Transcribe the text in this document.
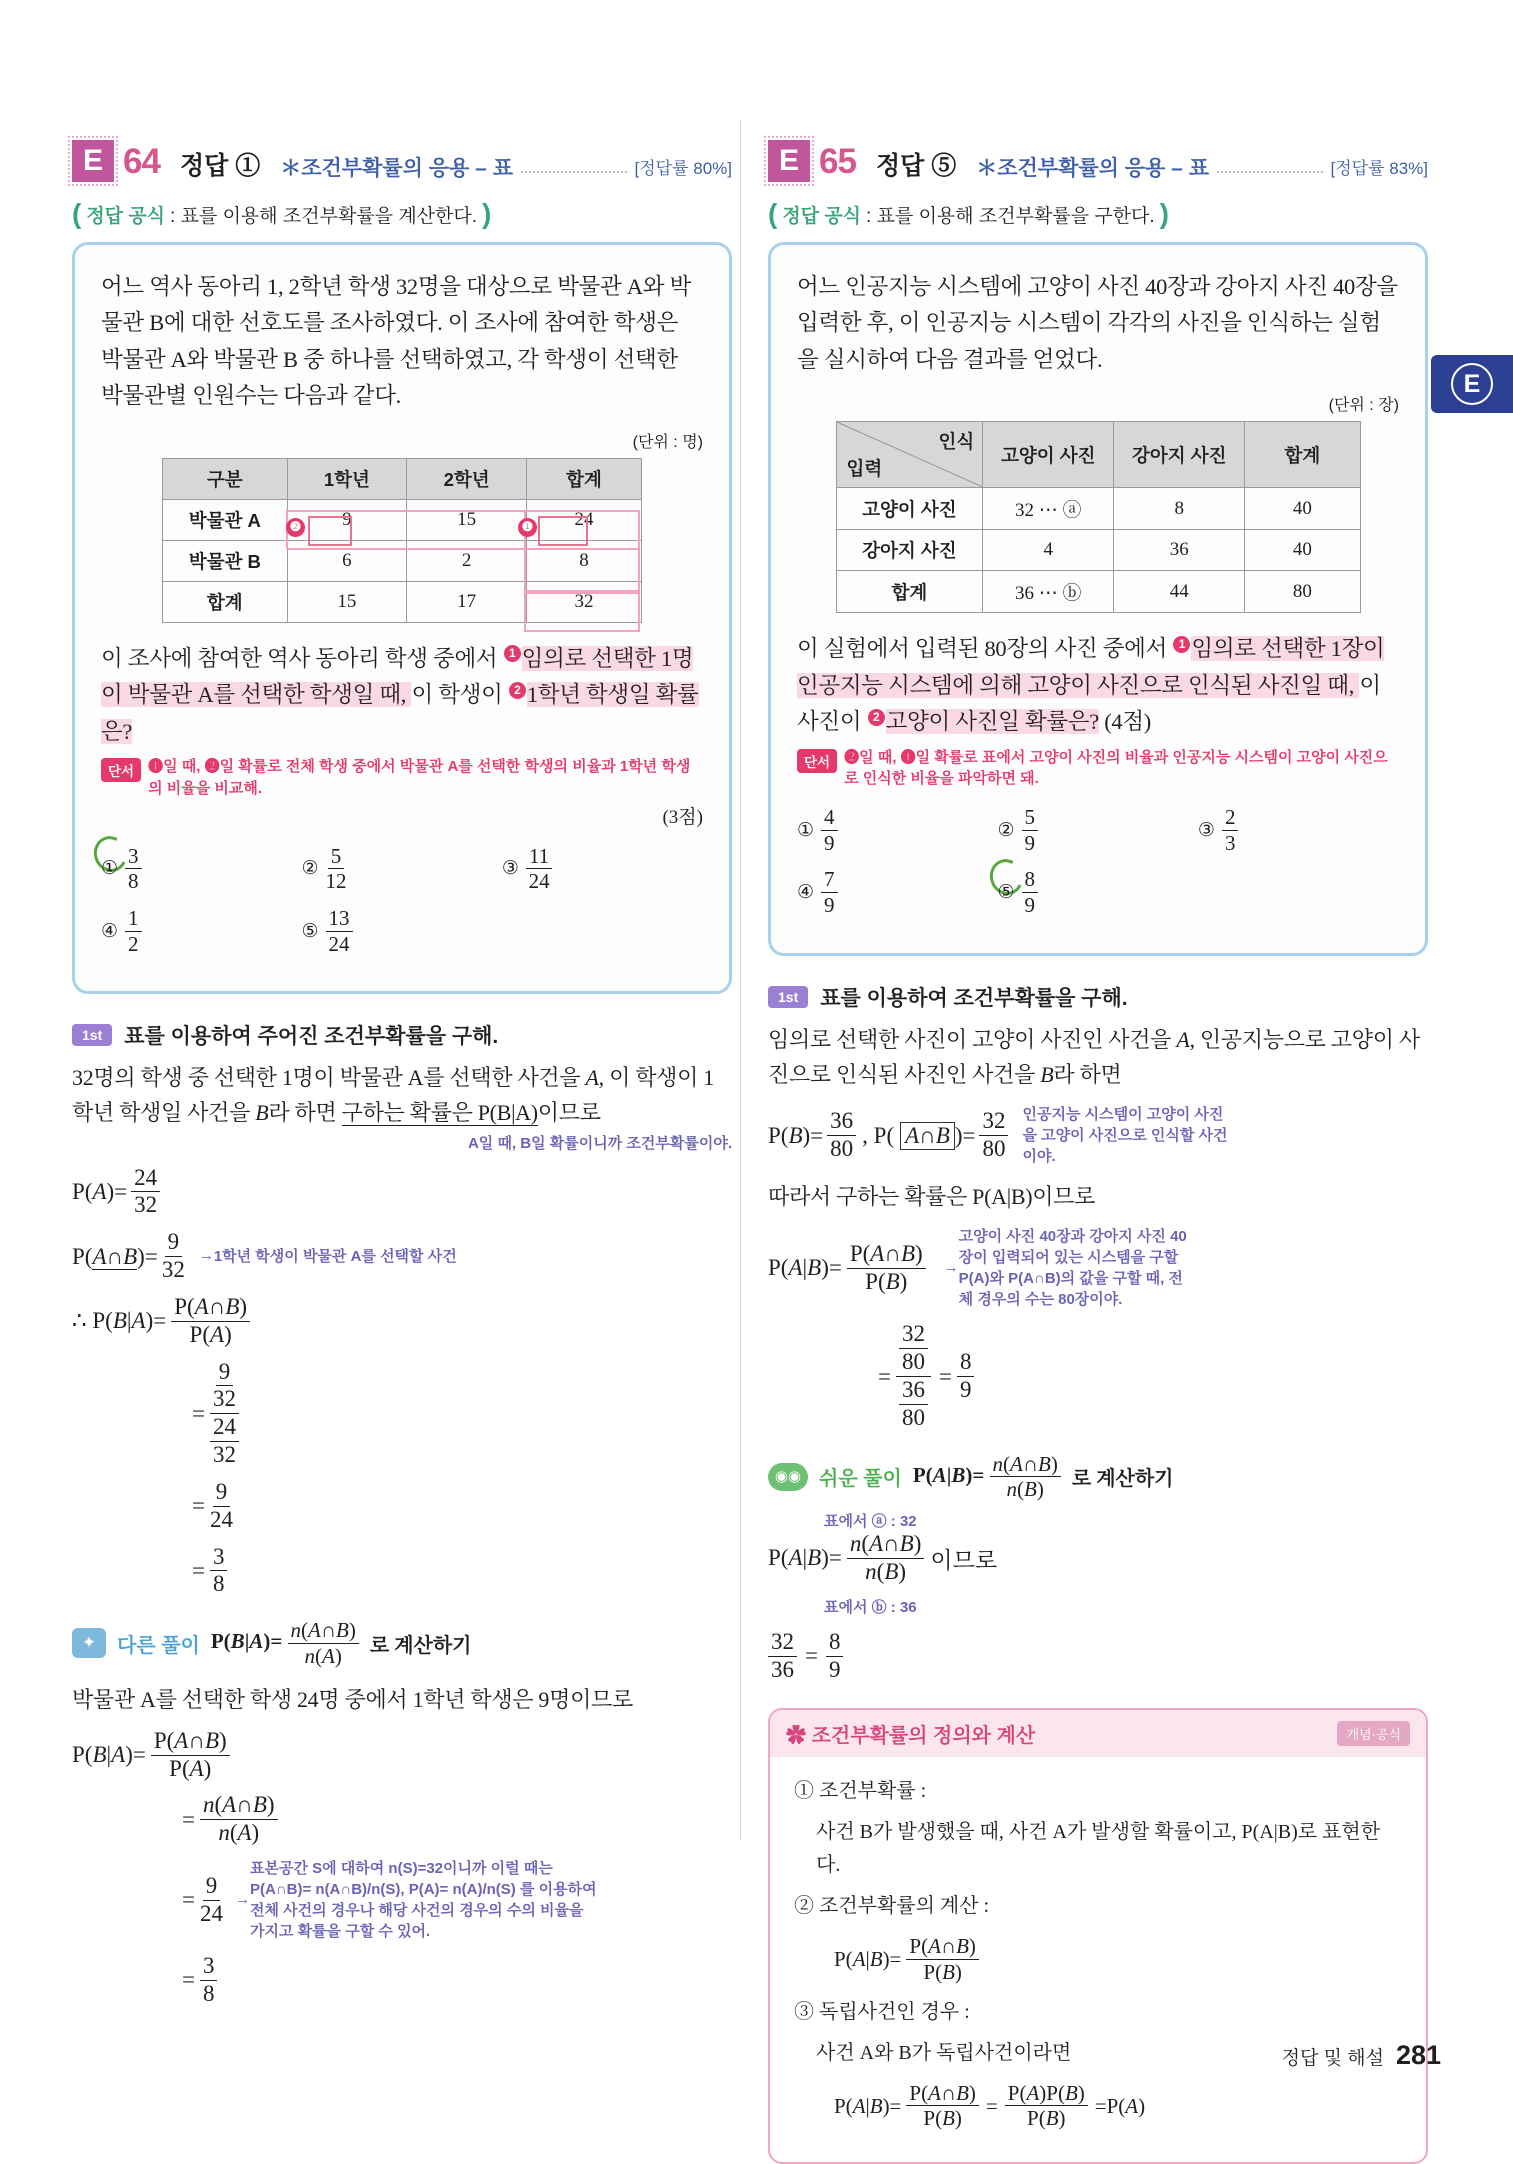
E
E 64 정답 ① ＊조건부확률의 응용 – 표	[정답률 80%]
( 정답 공식 : 표를 이용해 조건부확률을 계산한다. )
어느 역사 동아리 1, 2학년 학생 32명을 대상으로 박물관 A와 박물관 B에 대한 선호도를 조사하였다. 이 조사에 참여한 학생은 박물관 A와 박물관 B 중 하나를 선택하였고, 각 학생이 선택한 박물관별 인원수는 다음과 같다.
(단위 : 명)
구분	1학년	2학년	합계
박물관 A	9	15	24
박물관 B	6	2	8
합계	15	17	32
❷	❶
이 조사에 참여한 역사 동아리 학생 중에서 1 임의로 선택한 1명이 박물관 A를 선택한 학생일 때, 이 학생이 2 1학년 학생일 확률은?
단서 ❶일 때, ❷일 확률로 전체 학생 중에서 박물관 A를 선택한 학생의 비율과 1학년 학생의 비율을 비교해.
(3점)
① $\frac{3}{8}$	② $\frac{5}{12}$	③ $\frac{11}{24}$
④ $\frac{1}{2}$	⑤ $\frac{13}{24}$
1st	표를 이용하여 주어진 조건부확률을 구해.
32명의 학생 중 선택한 1명이 박물관 A를 선택한 사건을 A, 이 학생이 1학년 학생일 사건을 B라 하면 구하는 확률은 P(B|A)이므로
A일 때, B일 확률이니까 조건부확률이야.
$P(A)= \frac{24}{32}$
P(A∩B)= $\frac{9}{32} \to 1$학년 학생이 박물관 A를 선택할 사건
∴ $P(B|A)= \frac{P(A\cap B)}{P(A)}$
= $\frac{\frac{9}{32}}{\frac{24}{32}}$
= $\frac{9}{24}$
= $\frac{3}{8}$
✦	다른 풀이 $P(B|A)= \frac{n(A\cap B)}{n(A)}$ 로 계산하기
박물관 A를 선택한 학생 24명 중에서 1학년 학생은 9명이므로
$P(B|A)= \frac{P(A\cap B)}{P(A)}$
= $\frac{n(A\cap B)}{n(A)}$
= $\frac{9}{24}$ →
표본공간 S에 대하여 n(S)=32이니까 이럴 때는 P(A∩B)= n(A∩B)/n(S), P(A)= n(A)/n(S) 를 이용하여 전체 사건의 경우나 해당 사건의 경우의 수의 비율을 가지고 확률을 구할 수 있어.
= $\frac{3}{8}$
E 65 정답 ⑤ ＊조건부확률의 응용 – 표	[정답률 83%]
( 정답 공식 : 표를 이용해 조건부확률을 구한다. )
어느 인공지능 시스템에 고양이 사진 40장과 강아지 사진 40장을 입력한 후, 이 인공지능 시스템이 각각의 사진을 인식하는 실험을 실시하여 다음 결과를 얻었다.
(단위 : 장)
인식
입력	고양이 사진	강아지 사진	합계
고양이 사진	32 ⋯ ⓐ	8	40
강아지 사진	4	36	40
합계	36 ⋯ ⓑ	44	80
이 실험에서 입력된 80장의 사진 중에서 1 임의로 선택한 1장이 인공지능 시스템에 의해 고양이 사진으로 인식된 사진일 때, 이 사진이 2 고양이 사진일 확률은? (4점)
단서 ❷일 때, ❶일 확률로 표에서 고양이 사진의 비율과 인공지능 시스템이 고양이 사진으로 인식한 비율을 파악하면 돼.
① $\frac{4}{9}$	② $\frac{5}{9}$	③ $\frac{2}{3}$
④ $\frac{7}{9}$	⑤ $\frac{8}{9}$
1st	표를 이용하여 조건부확률을 구해.
임의로 선택한 사진이 고양이 사진인 사건을 A, 인공지능으로 고양이 사진으로 인식된 사진인 사건을 B라 하면
$P(B)= \frac{36}{80}$ , P( A∩B )= $\frac{32}{80}$ 인공지능 시스템이 고양이 사진을 고양이 사진으로 인식할 사건이야.
따라서 구하는 확률은 P(A|B)이므로
$P(A|B)= \frac{P(A\cap B)}{P(B)}$ →
고양이 사진 40장과 강아지 사진 40장이 입력되어 있는 시스템을 구할 P(A)와 P(A∩B)의 값을 구할 때, 전체 경우의 수는 80장이야.
= $\frac{\frac{32}{80}}{\frac{36}{80}} = \frac{8}{9}$
◉◉ 쉬운 풀이 $P(A|B)= \frac{n(A\cap B)}{n(B)}$ 로 계산하기
표에서 ⓐ : 32
$P(A|B)= \frac{n(A\cap B)}{n(B)}$ 이므로
표에서 ⓑ : 36
$\frac{32}{36} = \frac{8}{9}$
✿ 조건부확률의 정의와 계산	개념·공식
① 조건부확률 :
사건 B가 발생했을 때, 사건 A가 발생할 확률이고, P(A|B)로 표현한다.
② 조건부확률의 계산 :
$P(A|B)= \frac{P(A\cap B)}{P(B)}$
③ 독립사건인 경우 :
사건 A와 B가 독립사건이라면
$P(A|B)= \frac{P(A\cap B)}{P(B)} = \frac{P(A)P(B)}{P(B)} =P(A)$
정답 및 해설 281
